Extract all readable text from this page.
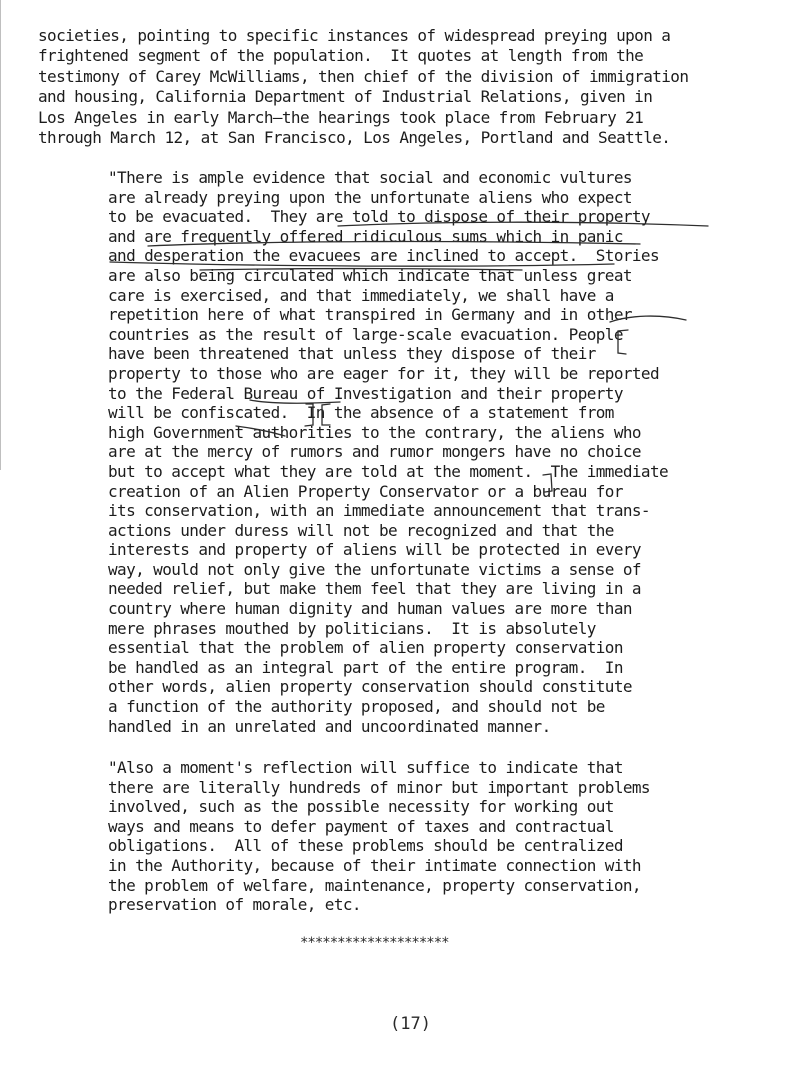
societies, pointing to specific instances of widespread preying upon a
frightened segment of the population.  It quotes at length from the
testimony of Carey McWilliams, then chief of the division of immigration
and housing, California Department of Industrial Relations, given in
Los Angeles in early March—the hearings took place from February 21
through March 12, at San Francisco, Los Angeles, Portland and Seattle.
"There is ample evidence that social and economic vultures
are already preying upon the unfortunate aliens who expect
to be evacuated.  They are told to dispose of their property
and are frequently offered ridiculous sums which in panic
and desperation the evacuees are inclined to accept.  Stories
are also being circulated which indicate that unless great
care is exercised, and that immediately, we shall have a
repetition here of what transpired in Germany and in other
countries as the result of large-scale evacuation. People
have been threatened that unless they dispose of their
property to those who are eager for it, they will be reported
to the Federal Bureau of Investigation and their property
will be confiscated.  In the absence of a statement from
high Government authorities to the contrary, the aliens who
are at the mercy of rumors and rumor mongers have no choice
but to accept what they are told at the moment.  The immediate
creation of an Alien Property Conservator or a bureau for
its conservation, with an immediate announcement that trans-
actions under duress will not be recognized and that the
interests and property of aliens will be protected in every
way, would not only give the unfortunate victims a sense of
needed relief, but make them feel that they are living in a
country where human dignity and human values are more than
mere phrases mouthed by politicians.  It is absolutely
essential that the problem of alien property conservation
be handled as an integral part of the entire program.  In
other words, alien property conservation should constitute
a function of the authority proposed, and should not be
handled in an unrelated and uncoordinated manner.
"Also a moment's reflection will suffice to indicate that
there are literally hundreds of minor but important problems
involved, such as the possible necessity for working out
ways and means to defer payment of taxes and contractual
obligations.  All of these problems should be centralized
in the Authority, because of their intimate connection with
the problem of welfare, maintenance, property conservation,
preservation of morale, etc.
********************
(17)
